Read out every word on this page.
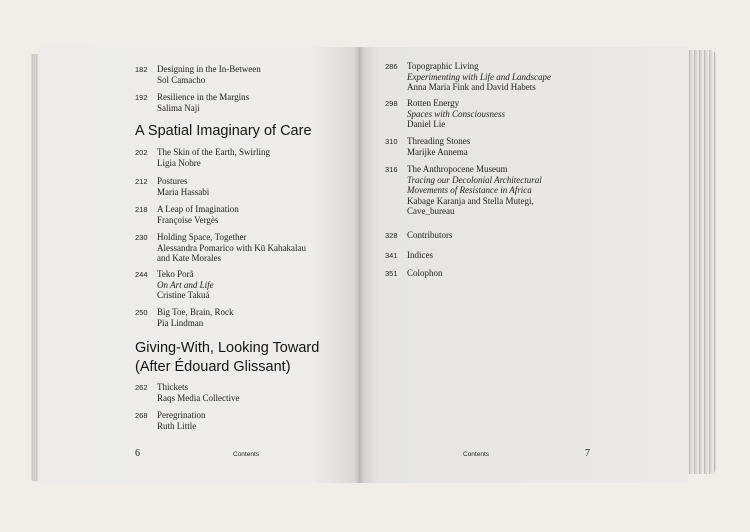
182 Designing in the In-Between
Sol Camacho
192 Resilience in the Margins
Salima Naji
A Spatial Imaginary of Care
202 The Skin of the Earth, Swirling
Ligia Nobre
212 Postures
Maria Hassabi
218 A Leap of Imagination
Françoise Vergès
230 Holding Space, Together
Alessandra Pomarico with Kū Kahakalau
and Kate Morales
244 Teko Porã
On Art and Life
Cristine Takuá
250 Big Toe, Brain, Rock
Pia Lindman
Giving-With, Looking Toward
(After Édouard Glissant)
262 Thickets
Raqs Media Collective
268 Peregrination
Ruth Little
6	Contents
286 Topographic Living
Experimenting with Life and Landscape
Anna Maria Fink and David Habets
298 Rotten Energy
Spaces with Consciousness
Daniel Lie
310 Threading Stones
Marijke Annema
316 The Anthropocene Museum
Tracing our Decolonial Architectural
Movements of Resistance in Africa
Kabage Karanja and Stella Mutegi,
Cave_bureau
328 Contributors
341 Indices
351 Colophon
Contents	7
